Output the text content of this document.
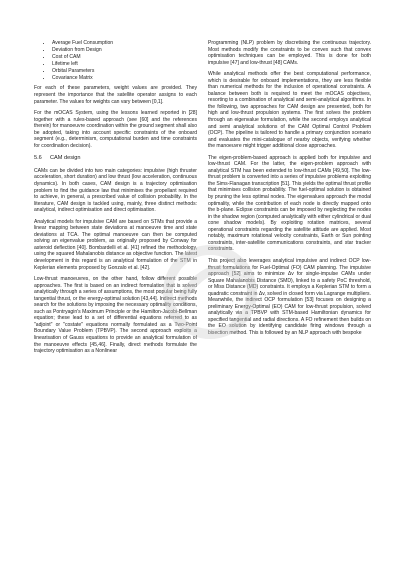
• Average Fuel Consumption
• Deviation from Design
• Cost of CAM
• Lifetime left
• Orbital Parameters
• Covariance Matrix

For each of these parameters, weight values are provided. They represent the importance that the satellite operator assigns to each parameter. The values for weights can vary between [0,1].

For the mOCAS System, using the lessons learned reported in [28] together with a rules-based approach (see [60] and the references therein) for manoeuvre coordination within the ground segment shall also be adopted, taking into account specific constraints of the onboard segment (e.g., determinism, computational burden and time constraints for coordination decision).

5.6 CAM design

CAMs can be divided into two main categories: impulsive (high thruster acceleration, short duration) and low thrust (low acceleration, continuous dynamics). In both cases, CAM design is a trajectory optimisation problem to find the guidance law that minimises the propellant required to achieve, in general, a prescribed value of collision probability. In the literature, CAM design is tackled using, mainly, three distinct methods: analytical, indirect optimisation and direct optimisation.

Analytical models for impulsive CAM are based on STMs that provide a linear mapping between state deviations at manoeuvre time and state deviations at TCA. The optimal manoeuvre can then be computed solving an eigenvalue problem, as originally proposed by Conway for asteroid deflection [40]. Bombardelli et al. [41] refined the methodology, using the squared Mahalanobis distance as objective function. The latest development in this regard is an analytical formulation of the STM in Keplerian elements proposed by Gonzalo et al. [42].

Low-thrust manoeuvres, on the other hand, follow different possible approaches. The first is based on an indirect formulation that is solved analytically through a series of assumptions, the most popular being fully tangential thrust, or the energy-optimal solution [43,44]. Indirect methods search for the solutions by imposing the necessary optimality conditions, such as Pontryagin's Maximum Principle or the Hamilton-Jacobi-Bellman equation; these lead to a set of differential equations referred to as "adjoint" or "costate" equations normally formulated as a Two-Point Boundary Value Problem (TPBVP). The second approach exploits a linearisation of Gauss equations to provide an analytical formulation of the manoeuvre effects [45,46]. Finally, direct methods formulate the trajectory optimisation as a Nonlinear

Programming (NLP) problem by discretising the continuous trajectory. Most methods modify the constraints to be convex such that convex optimisation techniques can be employed. This is done for both impulsive [47] and low-thrust [48] CAMs.

While analytical methods offer the best computational performance, which is desirable for onboard implementations, they are less flexible than numerical methods for the inclusion of operational constraints. A balance between both is required to meet the mOCAS objectives, resorting to a combination of analytical and semi-analytical algorithms. In the following, two approaches for CAM design are presented, both for high and low-thrust propulsion systems. The first solves the problem through an eigenvalue formulation, while the second employs analytical and semi analytical solutions of the CAM Optimal Control Problem (OCP). The pipeline is tailored to handle a primary conjunction scenario and evaluates the mini-catalogue of nearby objects, verifying whether the manoeuvre might trigger additional close approaches.

The eigen-problem-based approach is applied both for impulsive and low-thrust CAM. For the latter, the eigen-problem approach with analytical STM has been extended to low-thrust CAMs [49,50]. The low-thrust problem is converted into a series of impulsive problems exploiting the Sims-Flanagan transcription [51]. This yields the optimal thrust profile that minimises collision probability. The fuel-optimal solution is obtained by pruning the less optimal nodes. The eigenvalues approach the modal optimality, while the contribution of each node is directly mapped onto the b-plane. Eclipse constraints can be imposed by neglecting the nodes in the shadow region (computed analytically with either cylindrical or dual cone shadow models). By exploiting rotation matrices, several operational constraints regarding the satellite attitude are applied. Most notably, maximum rotational velocity constraints, Earth or Sun pointing constraints, inter-satellite communications constraints, and star tracker constraints.

This project also leverages analytical impulsive and indirect OCP low-thrust formulations for Fuel-Optimal (FO) CAM planning. The impulsive approach [52] aims to minimize Δv for single-impulse CAMs under Square Mahalanobis Distance (SMD), linked to a safety PoC threshold, or Miss Distance (MD) constraints. It employs a Keplerian STM to form a quadratic constraint in Δv, solved in closed form via Lagrange multipliers. Meanwhile, the indirect OCP formulation [53] focuses on designing a preliminary Energy-Optimal (EO) CAM for low-thrust propulsion, solved analytically via a TPBVP with STM-based Hamiltonian dynamics for specified tangential and radial directions. A FO refinement then builds on the EO solution by identifying candidate firing windows through a bisection method. This is followed by an NLP approach with bespoke
